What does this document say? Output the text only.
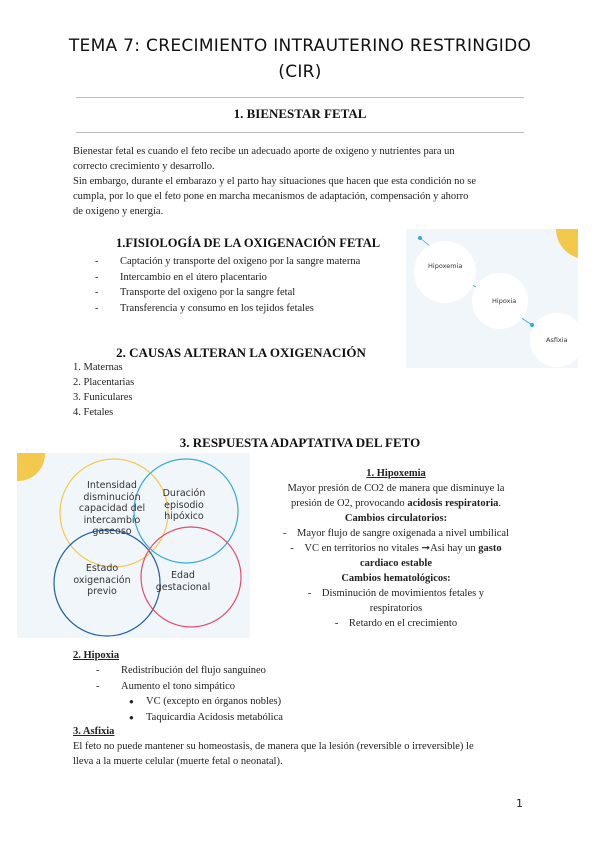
TEMA 7: CRECIMIENTO INTRAUTERINO RESTRINGIDO
(CIR)
1. BIENESTAR FETAL
Bienestar fetal es cuando el feto recibe un adecuado aporte de oxigeno y nutrientes para un
correcto crecimiento y desarrollo.
Sin embargo, durante el embarazo y el parto hay situaciones que hacen que esta condición no se
cumpla, por lo que el feto pone en marcha mecanismos de adaptación, compensación y ahorro
de oxigeno y energía.
1.FISIOLOGÍA DE LA OXIGENACIÓN FETAL
- Captación y transporte del oxigeno por la sangre materna
- Intercambio en el útero placentario
- Transporte del oxigeno por la sangre fetal
- Transferencia y consumo en los tejidos fetales
Hipoxemia
Hipoxia
Asfixia
2. CAUSAS ALTERAN LA OXIGENACIÓN
1. Maternas
2. Placentarias
3. Funiculares
4. Fetales
3. RESPUESTA ADAPTATIVA DEL FETO
Intensidad
disminución
capacidad del
intercambio
gaseoso
Duración
episodio
hipóxico
Estado
oxigenación
previo
Edad
gestacional
1. Hipoxemia
Mayor presión de CO2 de manera que disminuye la
presión de O2, provocando acidosis respiratoria.
Cambios circulatorios:
- Mayor flujo de sangre oxigenada a nivel umbilical
- VC en territorios no vitales ➞Asi hay un gasto
cardiaco estable
Cambios hematológicos:
- Disminución de movimientos fetales y
respiratorios
- Retardo en el crecimiento
2. Hipoxia
- Redistribución del flujo sanguíneo
- Aumento el tono simpático
● VC (excepto en órganos nobles)
● Taquicardia Acidosis metabólica
3. Asfixia
El feto no puede mantener su homeostasis, de manera que la lesión (reversible o irreversible) le
lleva a la muerte celular (muerte fetal o neonatal).
1
